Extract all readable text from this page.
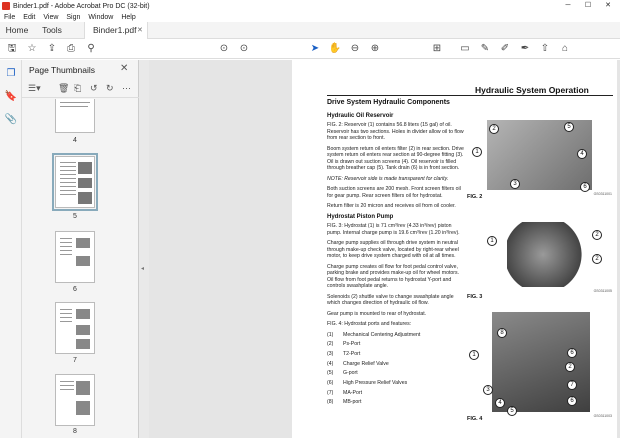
Binder1.pdf - Adobe Acrobat Pro DC (32-bit)	─	☐	✕
File	Edit	View	Sign	Window	Help
Home	Tools	Binder1.pdf ✕
🖫 ☆ ⇪	⎙	⚲	⊙ ⊙	➤ ✋ ⊖ ⊕	⊞ ▭ ✎ ✐ ✒ ⇧	⌂
❐
🔖
📎
Page Thumbnails	✕
☰▾ 🗑 ⎗ ↺ ↻ ⋯
4
5
6
7
8
◂
Hydraulic System Operation
Drive System Hydraulic Components
Hydraulic Oil Reservoir

FIG. 2: Reservoir (1) contains 56.8 liters (15 gal) of oil. Reservoir has two sections. Holes in divider allow oil to flow from rear section to front.

Boom system return oil enters filter (2) in rear section. Drive system return oil enters rear section at 90-degree fitting (3). Oil is drawn out suction screens (4). Oil reservoir is filled through breather cap (5). Tank drain (6) is in front section.

NOTE: Reservoir side is made transparent for clarity.

Both suction screens are 200 mesh. Front screen filters oil for gear pump. Rear screen filters oil for hydrostat.

Return filter is 20 micron and receives oil from oil cooler.

Hydrostat Piston Pump

FIG. 3: Hydrostat (1) is 71 cm³/rev (4.33 in³/rev) piston pump. Internal charge pump is 19.6 cm³/rev (1.20 in³/rev).

Charge pump supplies oil through drive system in neutral through make-up check valve, located by right-rear wheel motor, to keep drive system charged with oil at all times.

Charge pump creates oil flow for foot pedal control valve, parking brake and provides make-up oil for wheel motors. Oil flow from foot pedal returns to hydrostat Y-port and controls swashplate angle.

Solenoids (2) shuttle valve to change swashplate angle which changes direction of hydraulic oil flow.

Gear pump is mounted to rear of hydrostat.

FIG. 4: Hydrostat ports and features:

(1)	Mechanical Centering Adjustment
(2)	Ps-Port
(3)	T2-Port
(4)	Charge Relief Valve
(5)	G-port
(6)	High Pressure Relief Valves
(7)	MA-Port
(8)	MB-port
1
2	5
4
3	6
FIG. 2	GS0311001
1
2
2
FIG. 3
GS0311005
1
8
6
2
7
6
3
4
5
FIG. 4	GS0311003
